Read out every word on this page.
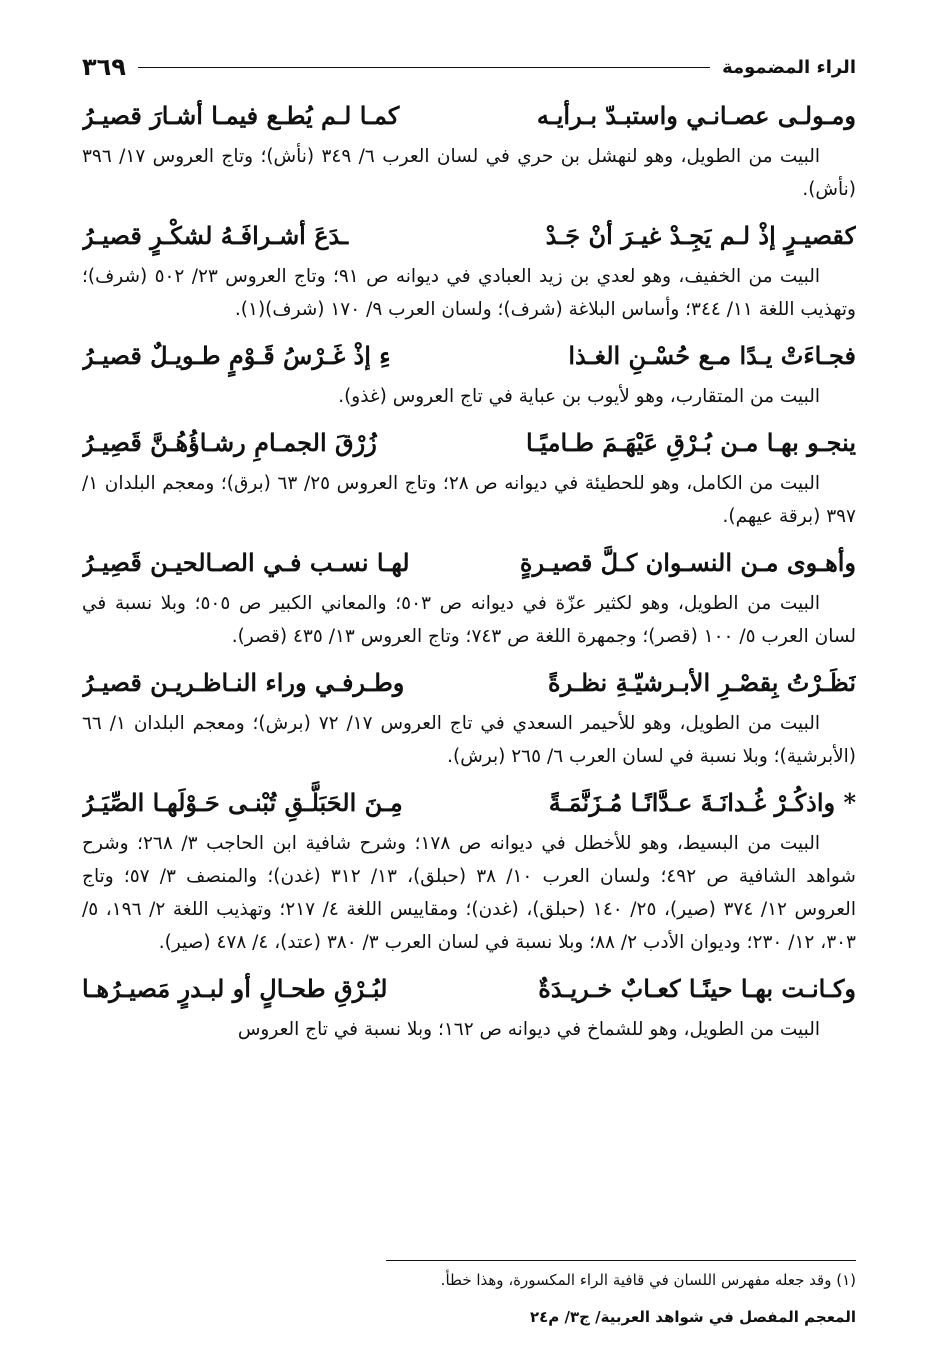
الراء المضمومة
٣٦٩
ومـولـى عصـانـي واستبـدّ بـرأيـه
كمـا لـم يُطـع فيمـا أشـارَ قصيـرُ

البيت من الطويل، وهو لنهشل بن حري في لسان العرب ٦/ ٣٤٩ (نأش)؛ وتاج العروس ١٧/ ٣٩٦ (نأش).

كقصيـرٍ إذْ لـم يَجِـدْ غيـرَ أنْ جَـدْ
ـدَعَ أشـرافَـهُ لشكْـرٍ قصيـرُ

البيت من الخفيف، وهو لعدي بن زيد العبادي في ديوانه ص ٩١؛ وتاج العروس ٢٣/ ٥٠٢ (شرف)؛ وتهذيب اللغة ١١/ ٣٤٤؛ وأساس البلاغة (شرف)؛ ولسان العرب ٩/ ١٧٠ (شرف)(١).

فجـاءَتْ يـدًا مـع حُسْـنِ الغـذا
ءِ إذْ غَـرْسُ قَـوْمٍ طـويـلٌ قصيـرُ

البيت من المتقارب، وهو لأيوب بن عباية في تاج العروس (غذو).

ينجـو بهـا مـن بُـرْقِ عَيْهَـمَ طـاميًـا
زُرْقَ الجمـامِ رشـاؤُهُـنَّ قَصِيـرُ

البيت من الكامل، وهو للحطيئة في ديوانه ص ٢٨؛ وتاج العروس ٢٥/ ٦٣ (برق)؛ ومعجم البلدان ١/ ٣٩٧ (برقة عيهم).

وأهـوى مـن النسـوان كـلَّ قصيـرةٍ
لهـا نسـب فـي الصـالحيـن قَصِيـرُ

البيت من الطويل، وهو لكثير عزّة في ديوانه ص ٥٠٣؛ والمعاني الكبير ص ٥٠٥؛ وبلا نسبة في لسان العرب ٥/ ١٠٠ (قصر)؛ وجمهرة اللغة ص ٧٤٣؛ وتاج العروس ١٣/ ٤٣٥ (قصر).

نَظَـرْتُ بِقصْـرِ الأبـرشيّـةِ نظـرةً
وطـرفـي وراء النـاظـريـن قصيـرُ

البيت من الطويل، وهو للأحيمر السعدي في تاج العروس ١٧/ ٧٢ (برش)؛ ومعجم البلدان ١/ ٦٦ (الأبرشية)؛ وبلا نسبة في لسان العرب ٦/ ٢٦٥ (برش).

* واذكُـرْ غُـدانَـةَ عـدَّانًـا مُـزَنَّمَـةً
مِـنَ الحَبَلَّـقِ تُبْنـى حَـوْلَهـا الصِّيَـرُ

البيت من البسيط، وهو للأخطل في ديوانه ص ١٧٨؛ وشرح شافية ابن الحاجب ٣/ ٢٦٨؛ وشرح شواهد الشافية ص ٤٩٢؛ ولسان العرب ١٠/ ٣٨ (حبلق)، ١٣/ ٣١٢ (غدن)؛ والمنصف ٣/ ٥٧؛ وتاج العروس ١٢/ ٣٧٤ (صير)، ٢٥/ ١٤٠ (حبلق)، (غدن)؛ ومقاييس اللغة ٤/ ٢١٧؛ وتهذيب اللغة ٢/ ١٩٦، ٥/ ٣٠٣، ١٢/ ٢٣٠؛ وديوان الأدب ٢/ ٨٨؛ وبلا نسبة في لسان العرب ٣/ ٣٨٠ (عتد)، ٤/ ٤٧٨ (صير).

وكـانـت بهـا حينًـا كعـابٌ خـريـدَةٌ
لبُـرْقِ طحـالٍ أو لبـدرٍ مَصيـرُهـا

البيت من الطويل، وهو للشماخ في ديوانه ص ١٦٢؛ وبلا نسبة في تاج العروس

(١) وقد جعله مفهرس اللسان في قافية الراء المكسورة، وهذا خطأ.
المعجم المفصل في شواهد العربية/ ج٣/ م٢٤
